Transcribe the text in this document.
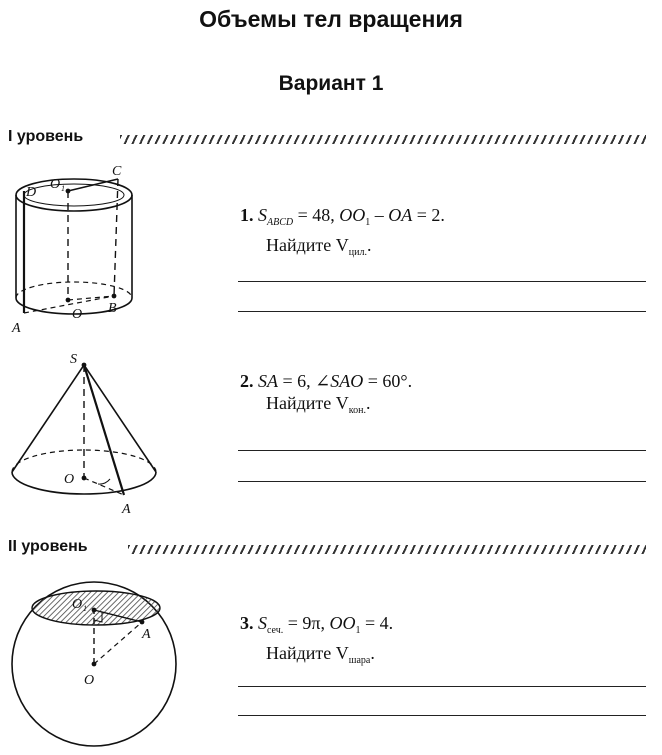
Объемы тел вращения
Вариант 1
I уровень
D
O 1
C
O B
A
1. $S_{ABCD} = 48$, $OO_1$ – OA = 2.
Найдите $V_{цил.}$.
S
O
A
2. SA = 6, ∠SAO = 60°.
Найдите $V_{кон.}$.
II уровень
O 1
A
O
3. $S_{сеч.} = 9\pi$, $OO_1 = 4$.
Найдите $V_{шара}$.
